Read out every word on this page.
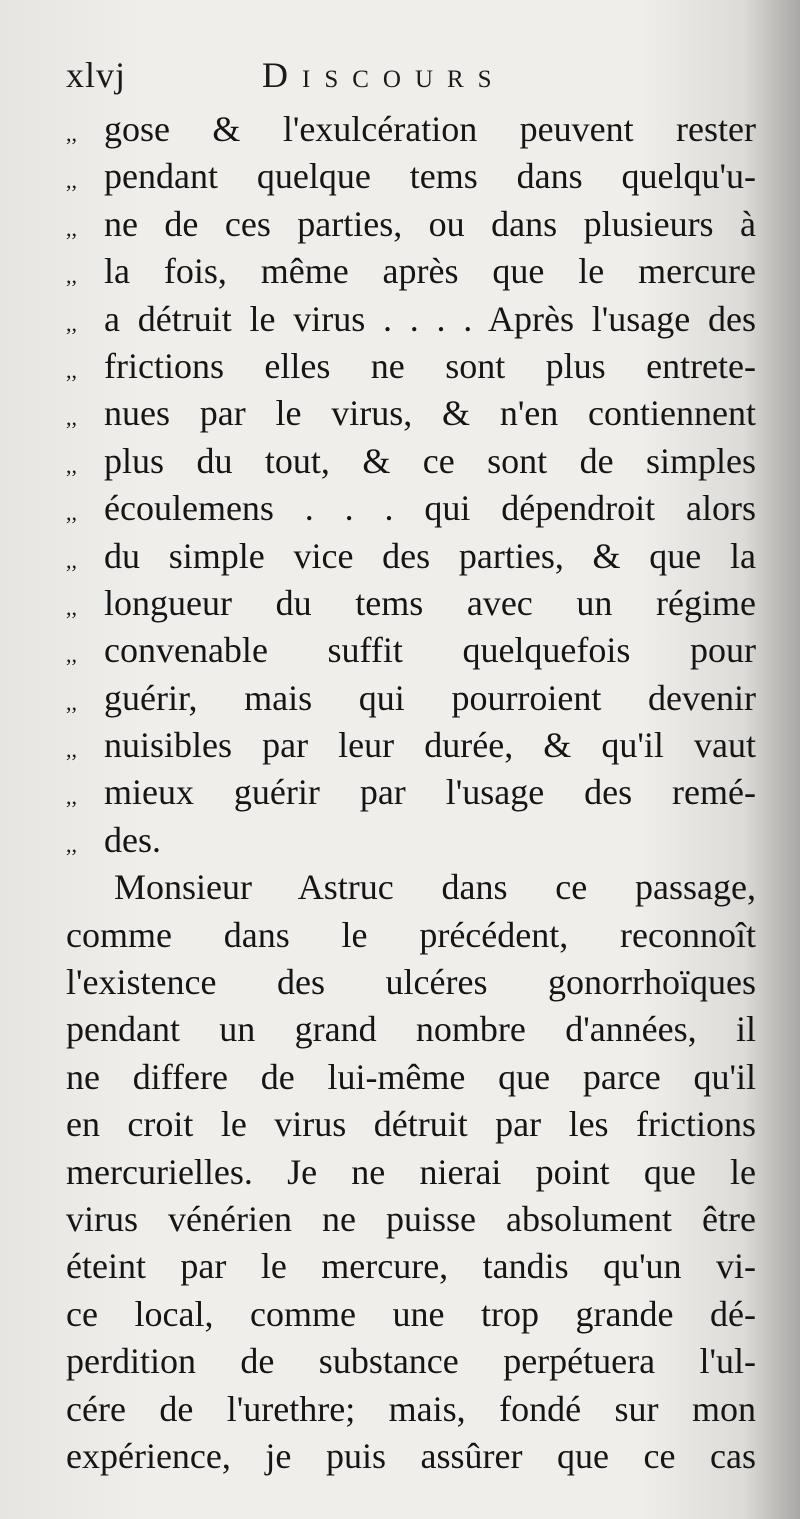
xlvj	Discours
,, gose & l'exulcération peuvent rester
,, pendant quelque tems dans quelqu'u-
,, ne de ces parties, ou dans plusieurs à
,, la fois, même après que le mercure
,, a détruit le virus . . . . Après l'usage des
,, frictions elles ne sont plus entrete-
,, nues par le virus, & n'en contiennent
,, plus du tout, & ce sont de simples
,, écoulemens . . . qui dépendroit alors
,, du simple vice des parties, & que la
,, longueur du tems avec un régime
,, convenable suffit quelquefois pour
,, guérir, mais qui pourroient devenir
,, nuisibles par leur durée, & qu'il vaut
,, mieux guérir par l'usage des remé-
,, des.
Monsieur Astruc dans ce passage,
comme dans le précédent, reconnoît
l'existence des ulcéres gonorrhoïques
pendant un grand nombre d'années, il
ne differe de lui-même que parce qu'il
en croit le virus détruit par les frictions
mercurielles. Je ne nierai point que le
virus vénérien ne puisse absolument être
éteint par le mercure, tandis qu'un vi-
ce local, comme une trop grande dé-
perdition de substance perpétuera l'ul-
cére de l'urethre; mais, fondé sur mon
expérience, je puis assûrer que ce cas
